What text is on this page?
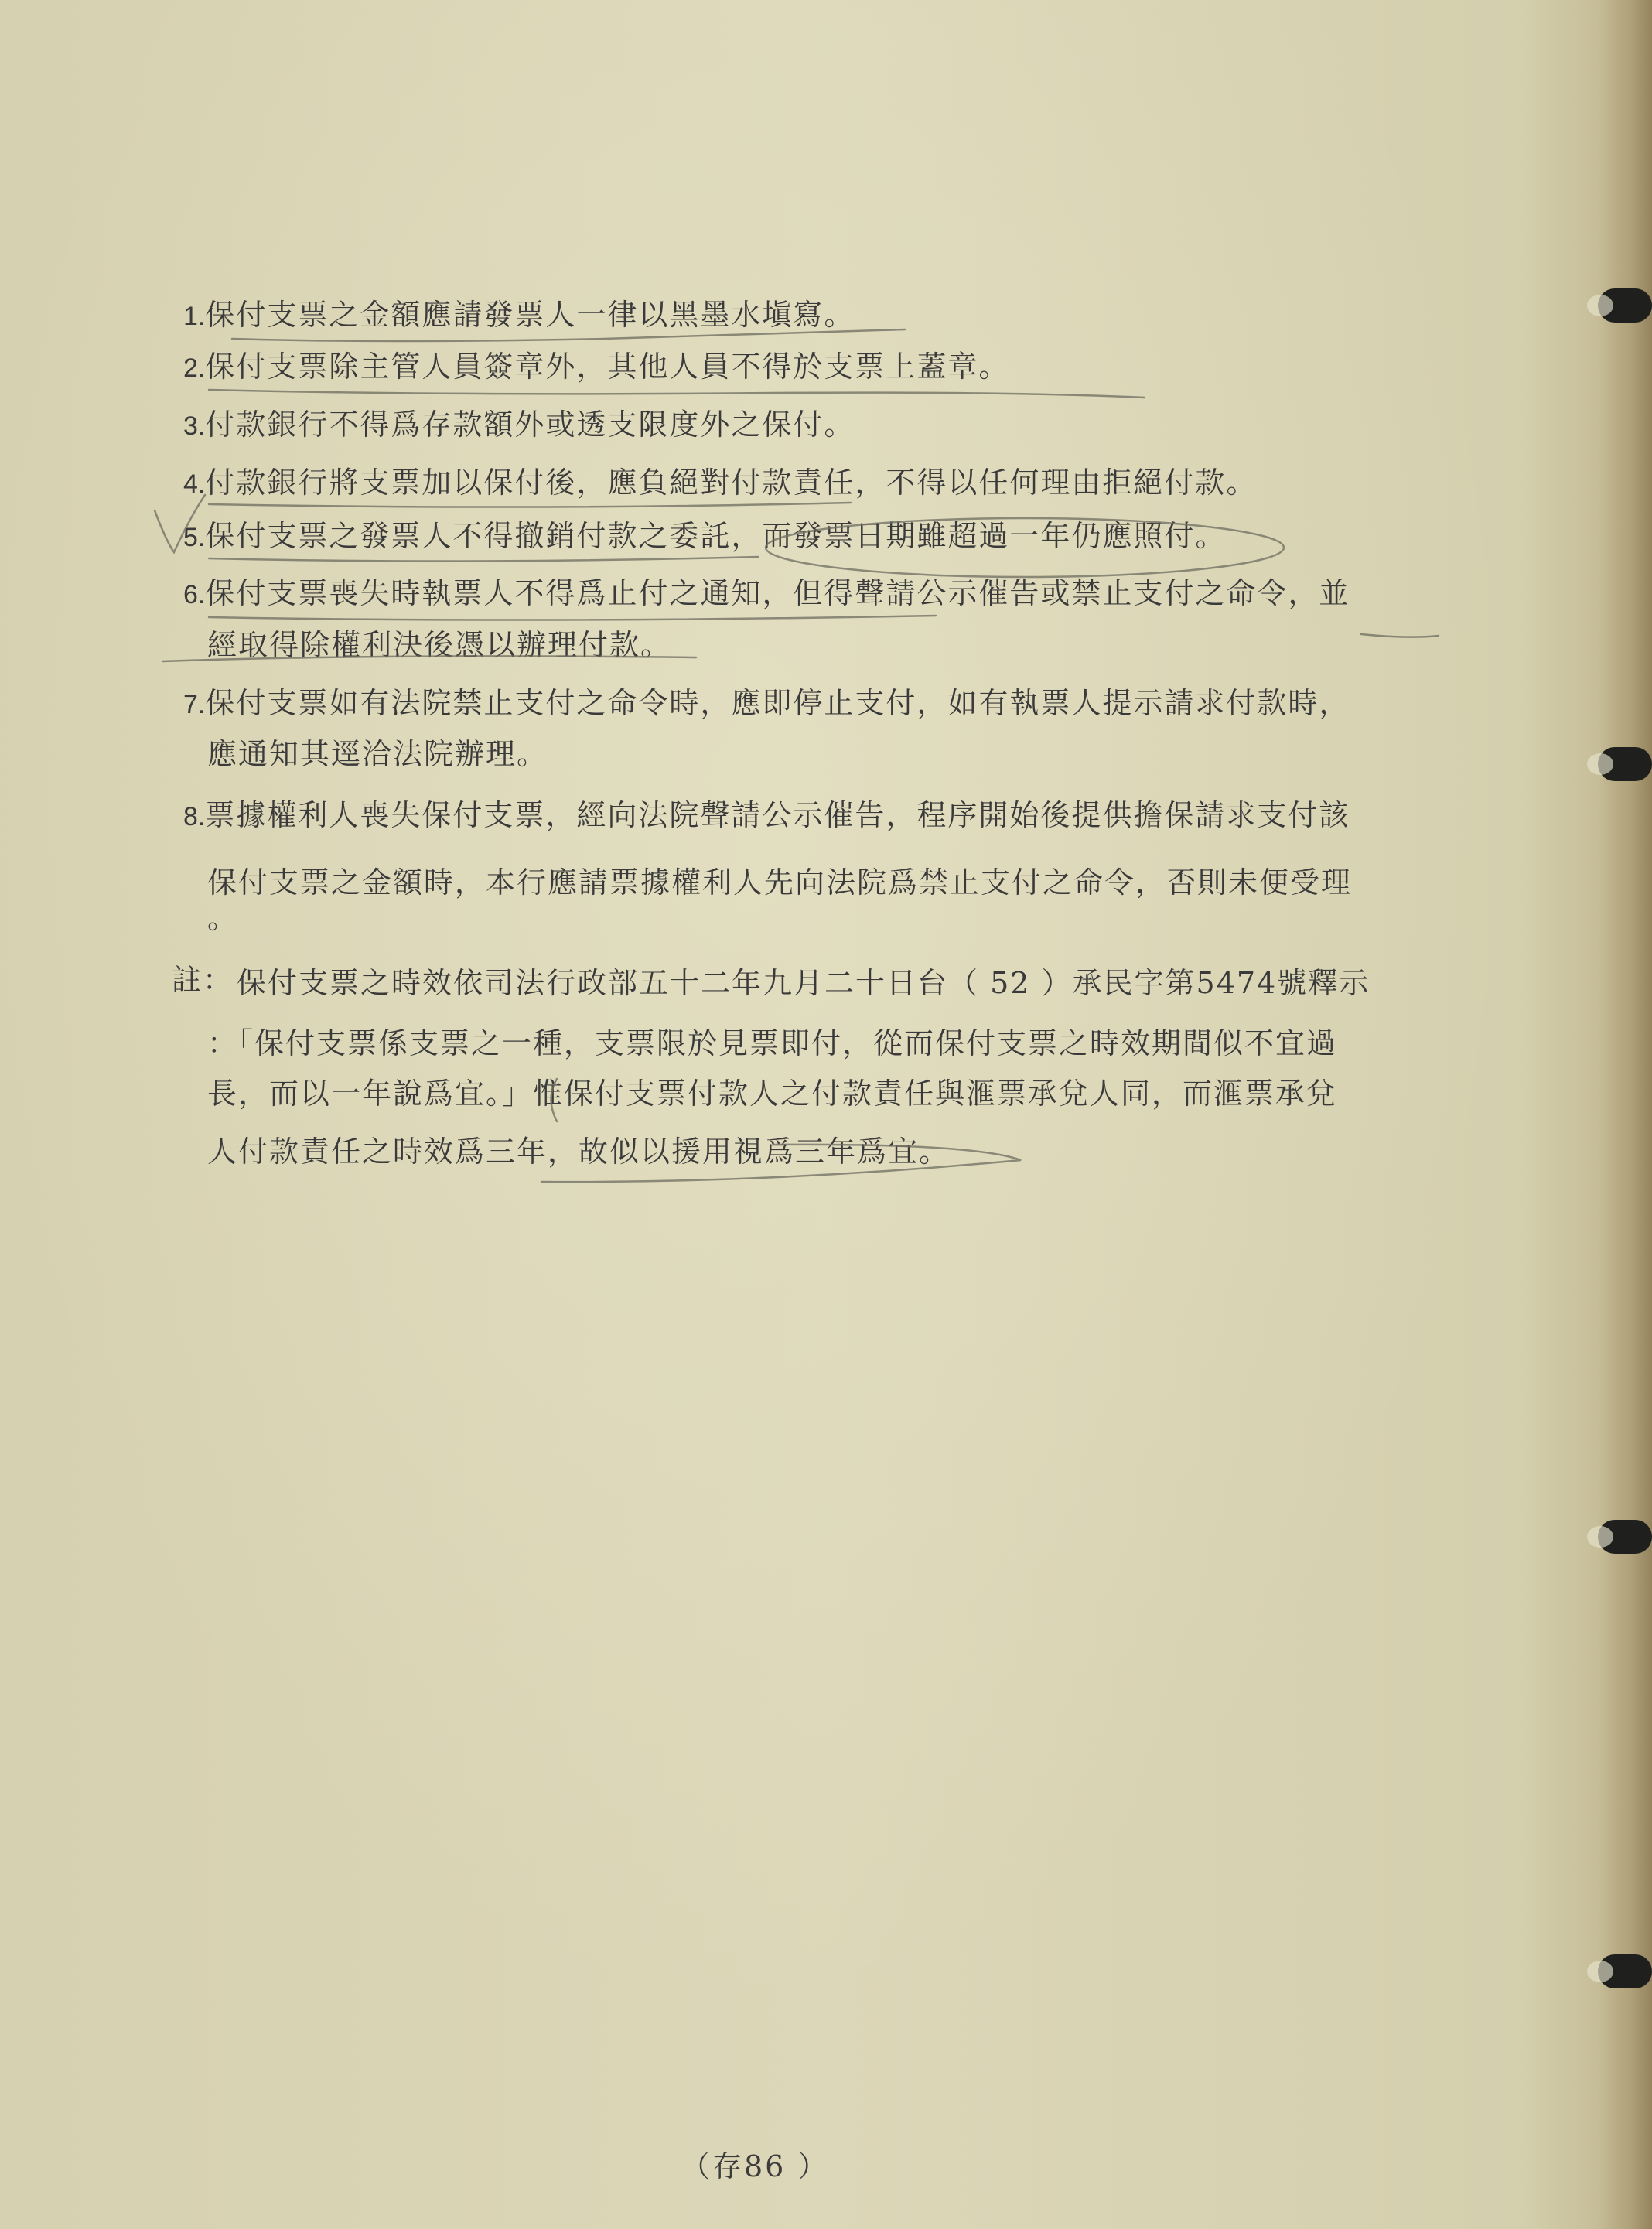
1.保付支票之金額應請發票人一律以黑墨水塡寫。
2.保付支票除主管人員簽章外，其他人員不得於支票上蓋章。
3.付款銀行不得爲存款額外或透支限度外之保付。
4.付款銀行將支票加以保付後，應負絕對付款責任，不得以任何理由拒絕付款。
5.保付支票之發票人不得撤銷付款之委託，而發票日期雖超過一年仍應照付。
6.保付支票喪失時執票人不得爲止付之通知，但得聲請公示催告或禁止支付之命令，並
經取得除權利決後憑以辦理付款。
7.保付支票如有法院禁止支付之命令時，應即停止支付，如有執票人提示請求付款時，
應通知其逕洽法院辦理。
8.票據權利人喪失保付支票，經向法院聲請公示催告，程序開始後提供擔保請求支付該
保付支票之金額時，本行應請票據權利人先向法院爲禁止支付之命令，否則未便受理
。
註： 保付支票之時效依司法行政部五十二年九月二十日台（ 52 ）承民字第5474號釋示
：「保付支票係支票之一種，支票限於見票即付，從而保付支票之時效期間似不宜過
長，而以一年說爲宜。」惟保付支票付款人之付款責任與滙票承兌人同，而滙票承兌
人付款責任之時效爲三年，故似以援用視爲三年爲宜。
（存86 ）
